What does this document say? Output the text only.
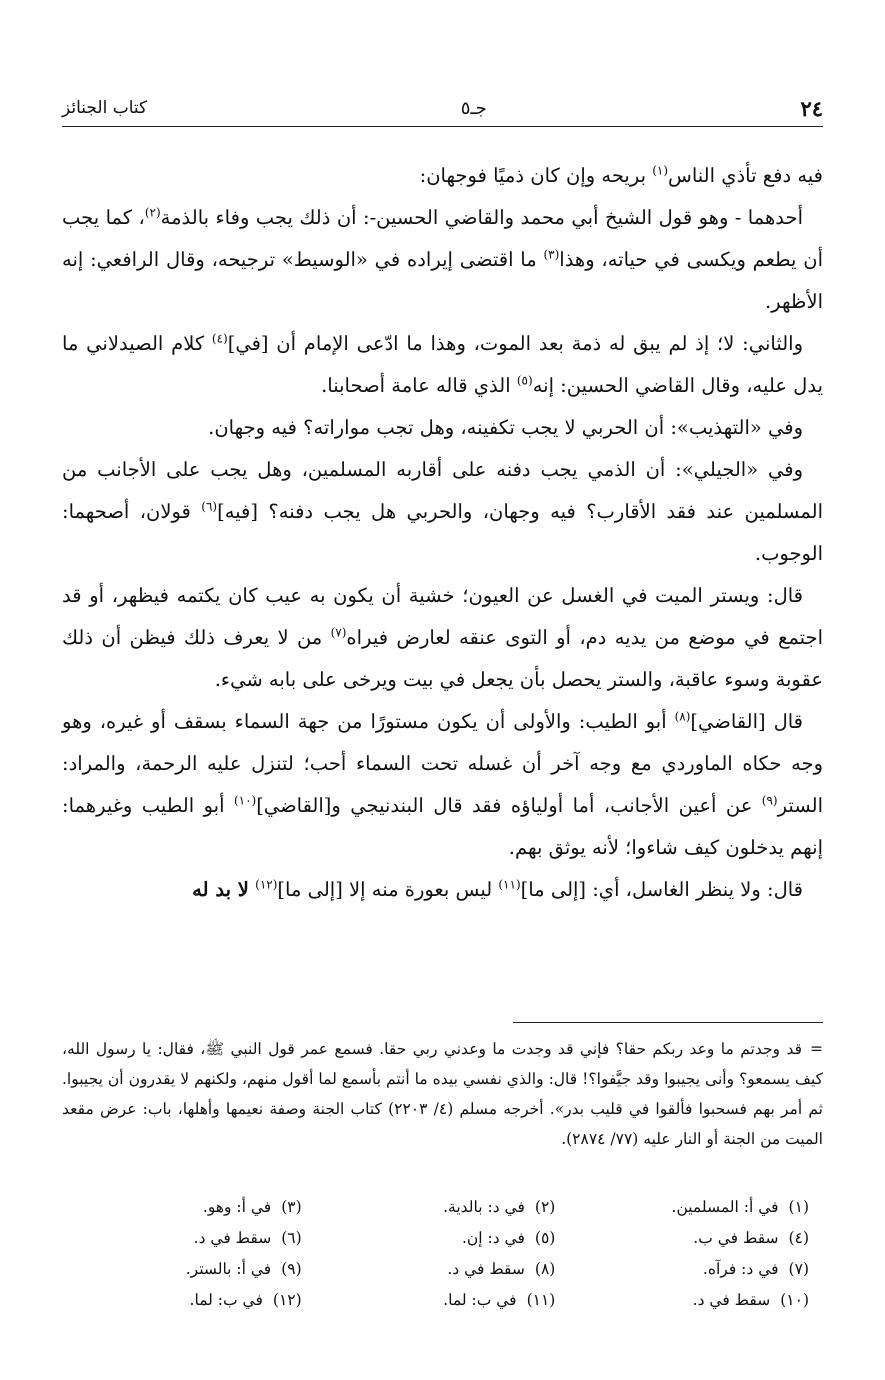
٢٤
جـ٥
كتاب الجنائز

فيه دفع تأذي الناس$^{(١)}$ بريحه وإن كان ذميًا فوجهان:

أحدهما - وهو قول الشيخ أبي محمد والقاضي الحسين-: أن ذلك يجب وفاء بالذمة$^{(٢)}$، كما يجب أن يطعم ويكسى في حياته، وهذا$^{(٣)}$ ما اقتضى إيراده في «الوسيط» ترجيحه، وقال الرافعي: إنه الأظهر.

والثاني: لا؛ إذ لم يبق له ذمة بعد الموت، وهذا ما ادّعى الإمام أن [في]$^{(٤)}$ كلام الصيدلاني ما يدل عليه، وقال القاضي الحسين: إنه$^{(٥)}$ الذي قاله عامة أصحابنا.

وفي «التهذيب»: أن الحربي لا يجب تكفينه، وهل تجب مواراته؟ فيه وجهان.

وفي «الجيلي»: أن الذمي يجب دفنه على أقاربه المسلمين، وهل يجب على الأجانب من المسلمين عند فقد الأقارب؟ فيه وجهان، والحربي هل يجب دفنه؟ [فيه]$^{(٦)}$ قولان، أصحهما: الوجوب.

قال: ويستر الميت في الغسل عن العيون؛ خشية أن يكون به عيب كان يكتمه فيظهر، أو قد اجتمع في موضع من يديه دم، أو التوى عنقه لعارض فيراه$^{(٧)}$ من لا يعرف ذلك فيظن أن ذلك عقوبة وسوء عاقبة، والستر يحصل بأن يجعل في بيت ويرخى على بابه شيء.

قال [القاضي]$^{(٨)}$ أبو الطيب: والأولى أن يكون مستورًا من جهة السماء بسقف أو غيره، وهو وجه حكاه الماوردي مع وجه آخر أن غسله تحت السماء أحب؛ لتنزل عليه الرحمة، والمراد: الستر$^{(٩)}$ عن أعين الأجانب، أما أولياؤه فقد قال البندنيجي و[القاضي]$^{(١٠)}$ أبو الطيب وغيرهما: إنهم يدخلون كيف شاءوا؛ لأنه يوثق بهم.

قال: ولا ينظر الغاسل، أي: [إلى ما]$^{(١١)}$ ليس بعورة منه إلا [إلى ما]$^{(١٢)}$ لا بد له

=قد وجدتم ما وعد ربكم حقا؟ فإني قد وجدت ما وعدني ربي حقا. فسمع عمر قول النبي ﷺ، فقال: يا رسول الله، كيف يسمعو؟ وأنى يجيبوا وقد جيَّفوا؟! قال: والذي نفسي بيده ما أنتم بأسمع لما أقول منهم، ولكنهم لا يقدرون أن يجيبوا. ثم أمر بهم فسحبوا فألقوا في قليب بدر». أخرجه مسلم (٤/ ٢٢٠٣) كتاب الجنة وصفة نعيمها وأهلها، باب: عرض مقعد الميت من الجنة أو النار عليه (٧٧/ ٢٨٧٤).
(١)في أ: المسلمين.
(٢)في د: بالدية.
(٣)في أ: وهو.
(٤)سقط في ب.
(٥)في د: إن.
(٦)سقط في د.
(٧)في د: فرآه.
(٨)سقط في د.
(٩)في أ: بالستر.
(١٠)سقط في د.
(١١)في ب: لما.
(١٢)في ب: لما.
